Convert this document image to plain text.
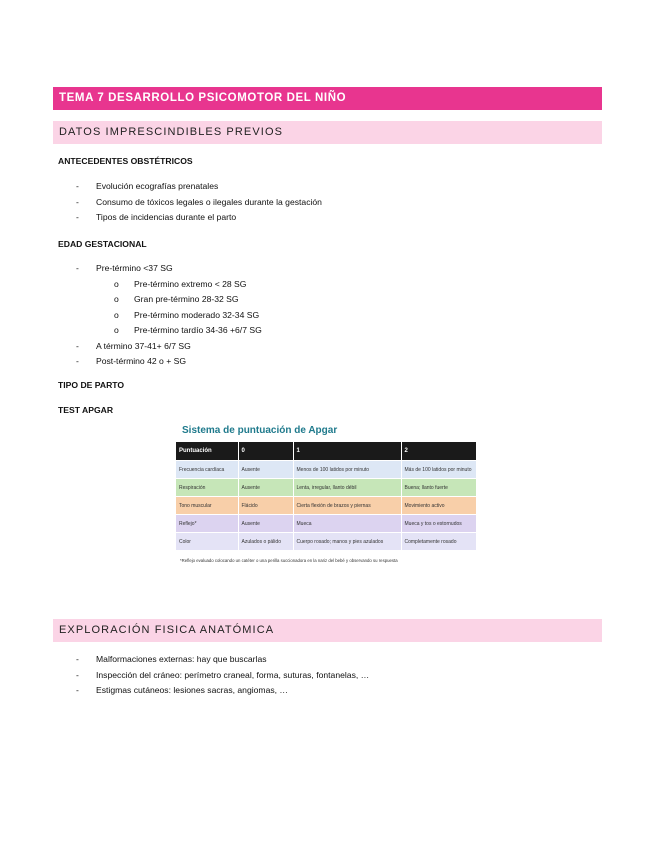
TEMA 7 DESARROLLO PSICOMOTOR DEL NIÑO
DATOS IMPRESCINDIBLES PREVIOS
ANTECEDENTES OBSTÉTRICOS
- Evolución ecografías prenatales
- Consumo de tóxicos legales o ilegales durante la gestación
- Tipos de incidencias durante el parto
EDAD GESTACIONAL
- Pre-término <37 SG
o Pre-término extremo < 28 SG
o Gran pre-término 28-32 SG
o Pre-término moderado 32-34 SG
o Pre-término tardío 34-36 +6/7 SG
- A término 37-41+ 6/7 SG
- Post-término 42 o + SG
TIPO DE PARTO
TEST APGAR
Sistema de puntuación de Apgar
Puntuación	0	1	2
Frecuencia cardíaca	Ausente	Menos de 100 latidos por minuto	Más de 100 latidos por minuto
Respiración	Ausente	Lenta, irregular, llanto débil	Buena; llanto fuerte
Tono muscular	Flácido	Cierta flexión de brazos y piernas	Movimiento activo
Reflejo*	Ausente	Mueca	Mueca y tos o estornudos
Color	Azulados o pálido	Cuerpo rosado; manos y pies azulados	Completamente rosado
*Reflejo evaluado colocando un catéter o una perilla succionadora en la nariz del bebé y observando su respuesta
EXPLORACIÓN FISICA ANATÓMICA
- Malformaciones externas: hay que buscarlas
- Inspección del cráneo: perímetro craneal, forma, suturas, fontanelas, …
- Estigmas cutáneos: lesiones sacras, angiomas, …
